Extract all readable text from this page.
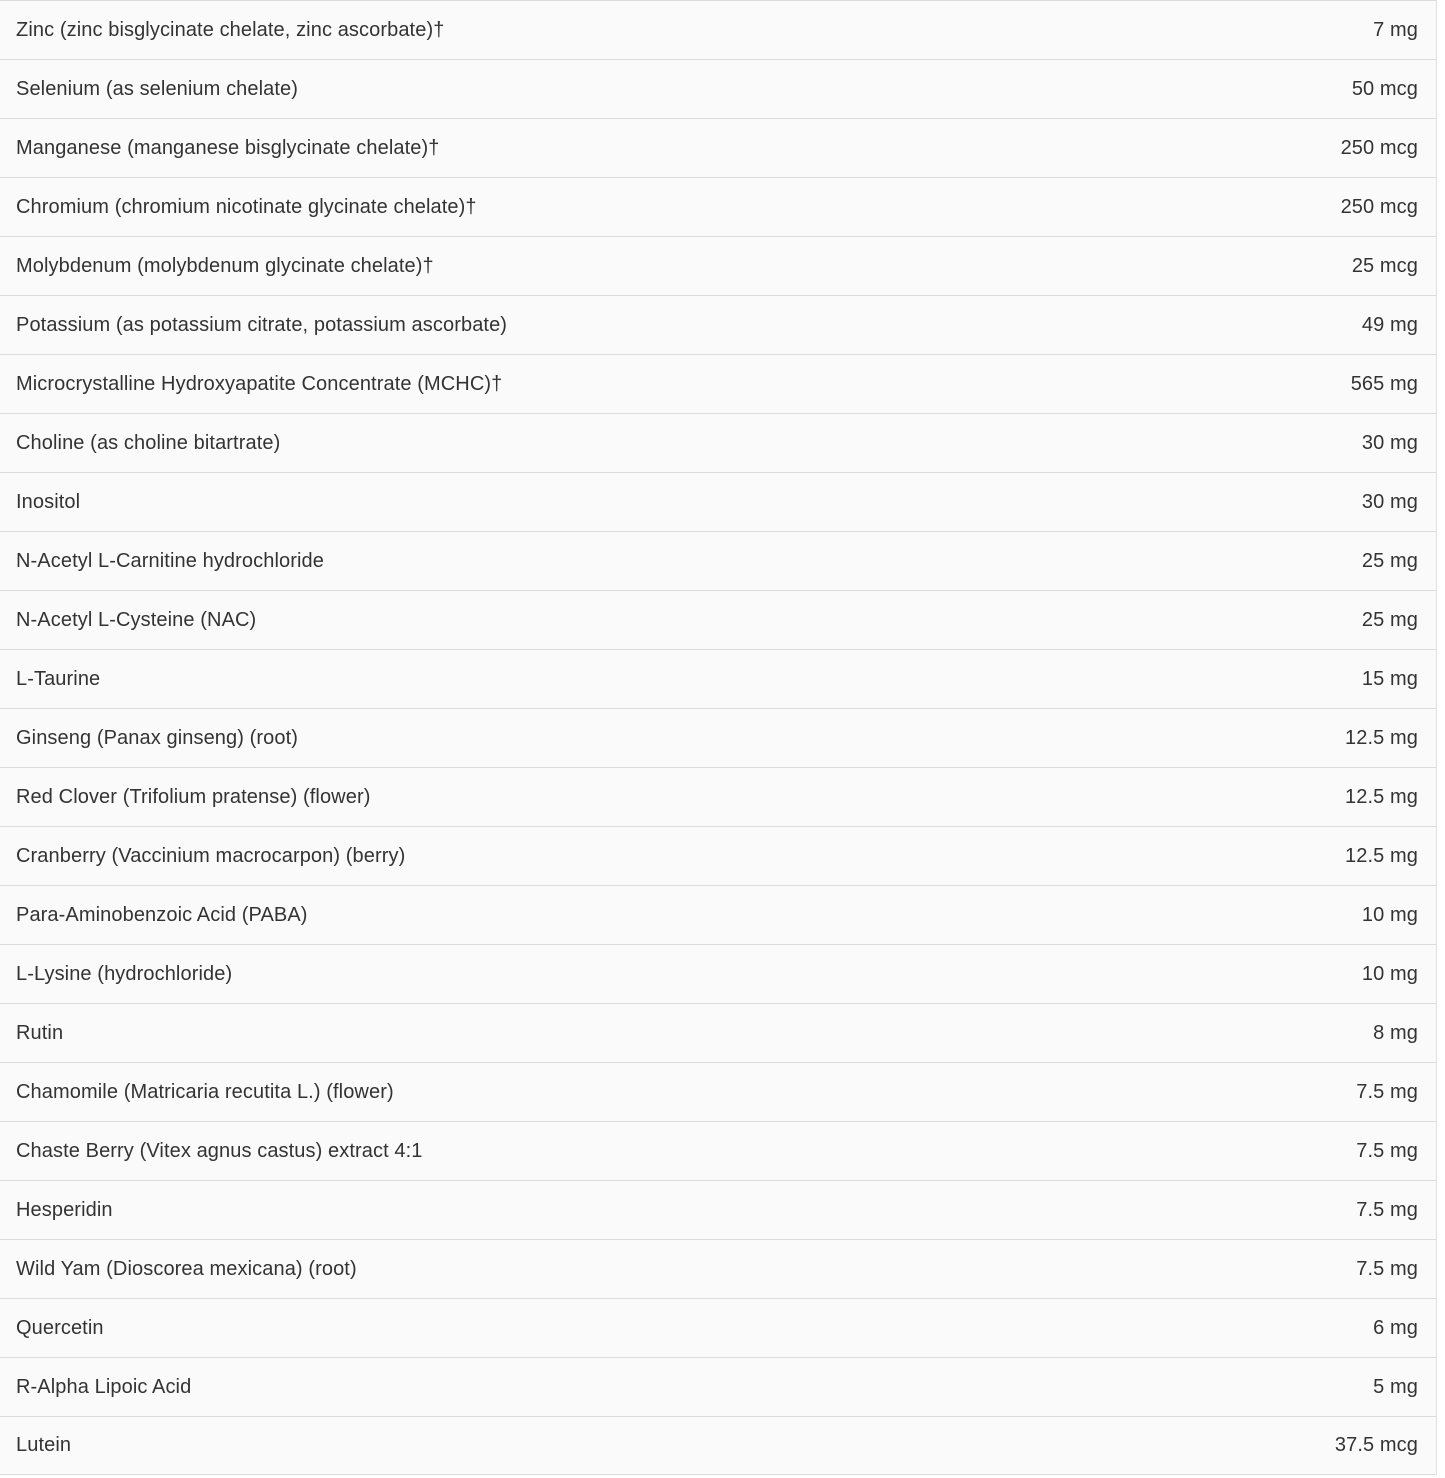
Zinc (zinc bisglycinate chelate, zinc ascorbate)†	7 mg
Selenium (as selenium chelate)	50 mcg
Manganese (manganese bisglycinate chelate)†	250 mcg
Chromium (chromium nicotinate glycinate chelate)†	250 mcg
Molybdenum (molybdenum glycinate chelate)†	25 mcg
Potassium (as potassium citrate, potassium ascorbate)	49 mg
Microcrystalline Hydroxyapatite Concentrate (MCHC)†	565 mg
Choline (as choline bitartrate)	30 mg
Inositol	30 mg
N-Acetyl L-Carnitine hydrochloride	25 mg
N-Acetyl L-Cysteine (NAC)	25 mg
L-Taurine	15 mg
Ginseng (Panax ginseng) (root)	12.5 mg
Red Clover (Trifolium pratense) (flower)	12.5 mg
Cranberry (Vaccinium macrocarpon) (berry)	12.5 mg
Para-Aminobenzoic Acid (PABA)	10 mg
L-Lysine (hydrochloride)	10 mg
Rutin	8 mg
Chamomile (Matricaria recutita L.) (flower)	7.5 mg
Chaste Berry (Vitex agnus castus) extract 4:1	7.5 mg
Hesperidin	7.5 mg
Wild Yam (Dioscorea mexicana) (root)	7.5 mg
Quercetin	6 mg
R-Alpha Lipoic Acid	5 mg
Lutein	37.5 mcg
